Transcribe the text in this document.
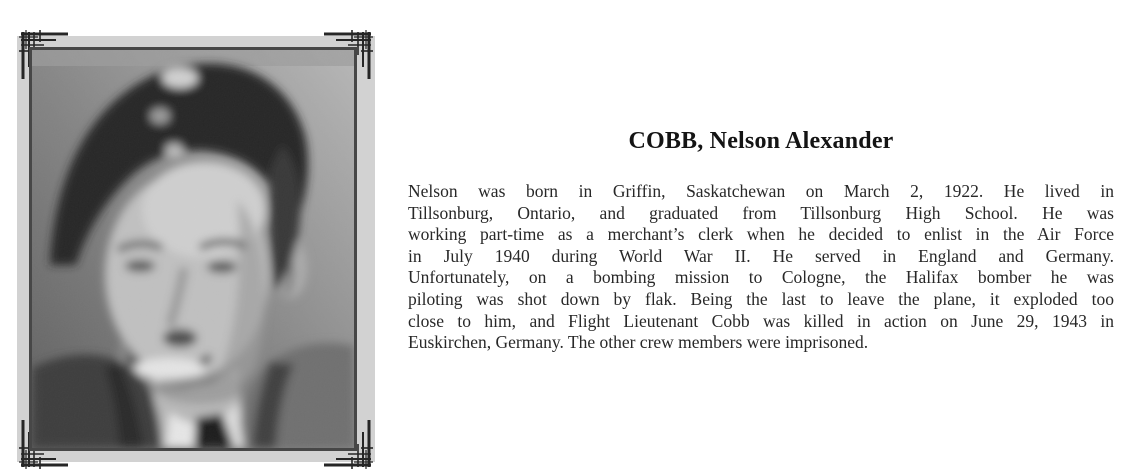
COBB, Nelson Alexander
Nelson was born in Griffin, Saskatchewan on March 2, 1922. He lived in
Tillsonburg, Ontario, and graduated from Tillsonburg High School. He was
working part-time as a merchant’s clerk when he decided to enlist in the Air Force
in July 1940 during World War II. He served in England and Germany.
Unfortunately, on a bombing mission to Cologne, the Halifax bomber he was
piloting was shot down by flak. Being the last to leave the plane, it exploded too
close to him, and Flight Lieutenant Cobb was killed in action on June 29, 1943 in
Euskirchen, Germany. The other crew members were imprisoned.
